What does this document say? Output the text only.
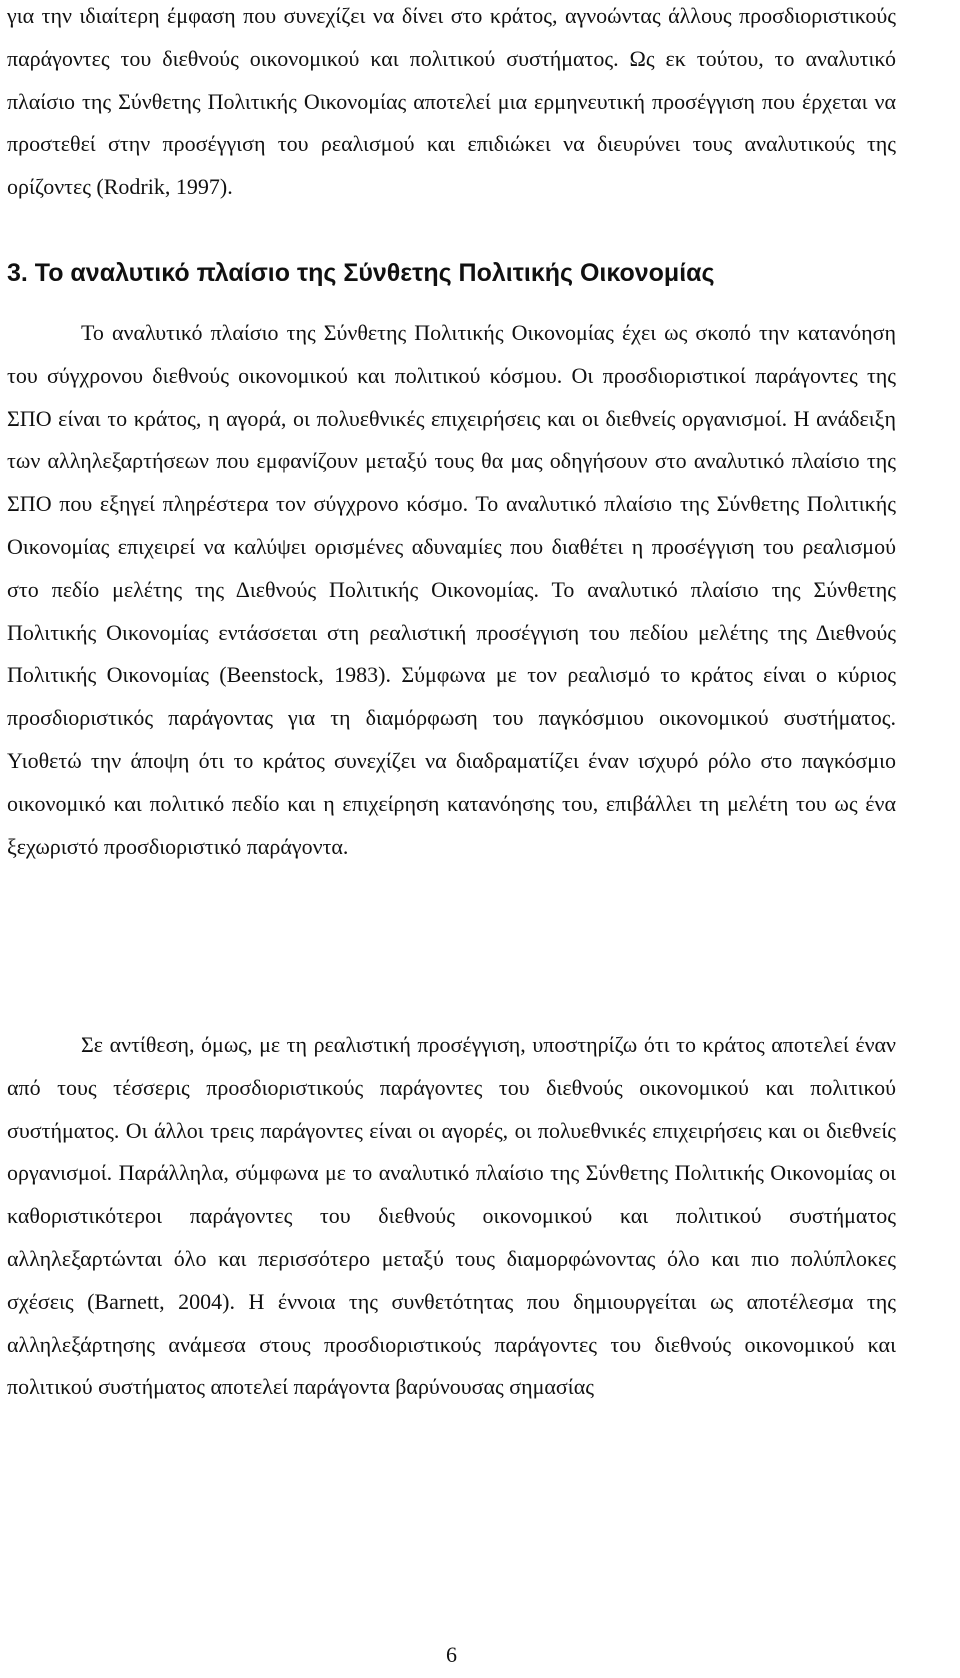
για την ιδιαίτερη έμφαση που συνεχίζει να δίνει στο κράτος, αγνοώντας άλλους προσδιοριστικούς παράγοντες του διεθνούς οικονομικού και πολιτικού συστήματος. Ως εκ τούτου, το αναλυτικό πλαίσιο της Σύνθετης Πολιτικής Οικονομίας αποτελεί μια ερμηνευτική προσέγγιση που έρχεται να προστεθεί στην προσέγγιση του ρεαλισμού και επιδιώκει να διευρύνει τους αναλυτικούς της ορίζοντες (Rodrik, 1997).

3. Το αναλυτικό πλαίσιο της Σύνθετης Πολιτικής Οικονομίας

Το αναλυτικό πλαίσιο της Σύνθετης Πολιτικής Οικονομίας έχει ως σκοπό την κατανόηση του σύγχρονου διεθνούς οικονομικού και πολιτικού κόσμου. Οι προσδιοριστικοί παράγοντες της ΣΠΟ είναι το κράτος, η αγορά, οι πολυεθνικές επιχειρήσεις και οι διεθνείς οργανισμοί. Η ανάδειξη των αλληλεξαρτήσεων που εμφανίζουν μεταξύ τους θα μας οδηγήσουν στο αναλυτικό πλαίσιο της ΣΠΟ που εξηγεί πληρέστερα τον σύγχρονο κόσμο. Το αναλυτικό πλαίσιο της Σύνθετης Πολιτικής Οικονομίας επιχειρεί να καλύψει ορισμένες αδυναμίες που διαθέτει η προσέγγιση του ρεαλισμού στο πεδίο μελέτης της Διεθνούς Πολιτικής Οικονομίας. Το αναλυτικό πλαίσιο της Σύνθετης Πολιτικής Οικονομίας εντάσσεται στη ρεαλιστική προσέγγιση του πεδίου μελέτης της Διεθνούς Πολιτικής Οικονομίας (Beenstock, 1983). Σύμφωνα με τον ρεαλισμό το κράτος είναι ο κύριος προσδιοριστικός παράγοντας για τη διαμόρφωση του παγκόσμιου οικονομικού συστήματος. Υιοθετώ την άποψη ότι το κράτος συνεχίζει να διαδραματίζει έναν ισχυρό ρόλο στο παγκόσμιο οικονομικό και πολιτικό πεδίο και η επιχείρηση κατανόησης του, επιβάλλει τη μελέτη του ως ένα ξεχωριστό προσδιοριστικό παράγοντα.

Σε αντίθεση, όμως, με τη ρεαλιστική προσέγγιση, υποστηρίζω ότι το κράτος αποτελεί έναν από τους τέσσερις προσδιοριστικούς παράγοντες του διεθνούς οικονομικού και πολιτικού συστήματος. Οι άλλοι τρεις παράγοντες είναι οι αγορές, οι πολυεθνικές επιχειρήσεις και οι διεθνείς οργανισμοί. Παράλληλα, σύμφωνα με το αναλυτικό πλαίσιο της Σύνθετης Πολιτικής Οικονομίας οι καθοριστικότεροι παράγοντες του διεθνούς οικονομικού και πολιτικού συστήματος αλληλεξαρτώνται όλο και περισσότερο μεταξύ τους διαμορφώνοντας όλο και πιο πολύπλοκες σχέσεις (Barnett, 2004). Η έννοια της συνθετότητας που δημιουργείται ως αποτέλεσμα της αλληλεξάρτησης ανάμεσα στους προσδιοριστικούς παράγοντες του διεθνούς οικονομικού και πολιτικού συστήματος αποτελεί παράγοντα βαρύνουσας σημασίας

6
